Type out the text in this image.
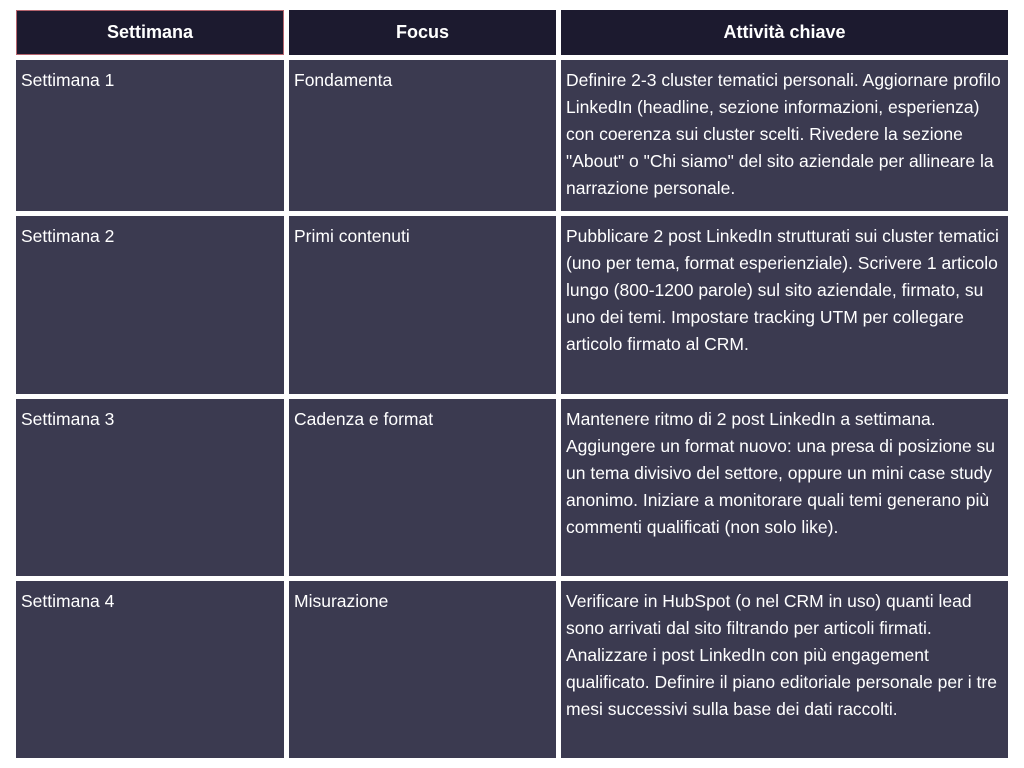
Settimana	Focus	Attività chiave
Settimana 1	Fondamenta	Definire 2-3 cluster tematici personali. Aggiornare profilo LinkedIn (headline, sezione informazioni, esperienza) con coerenza sui cluster scelti. Rivedere la sezione "About" o "Chi siamo" del sito aziendale per allineare la narrazione personale.
Settimana 2	Primi contenuti	Pubblicare 2 post LinkedIn strutturati sui cluster tematici (uno per tema, format esperienziale). Scrivere 1 articolo lungo (800-1200 parole) sul sito aziendale, firmato, su uno dei temi. Impostare tracking UTM per collegare articolo firmato al CRM.
Settimana 3	Cadenza e format	Mantenere ritmo di 2 post LinkedIn a settimana. Aggiungere un format nuovo: una presa di posizione su un tema divisivo del settore, oppure un mini case study anonimo. Iniziare a monitorare quali temi generano più commenti qualificati (non solo like).
Settimana 4	Misurazione	Verificare in HubSpot (o nel CRM in uso) quanti lead sono arrivati dal sito filtrando per articoli firmati. Analizzare i post LinkedIn con più engagement qualificato. Definire il piano editoriale personale per i tre mesi successivi sulla base dei dati raccolti.
